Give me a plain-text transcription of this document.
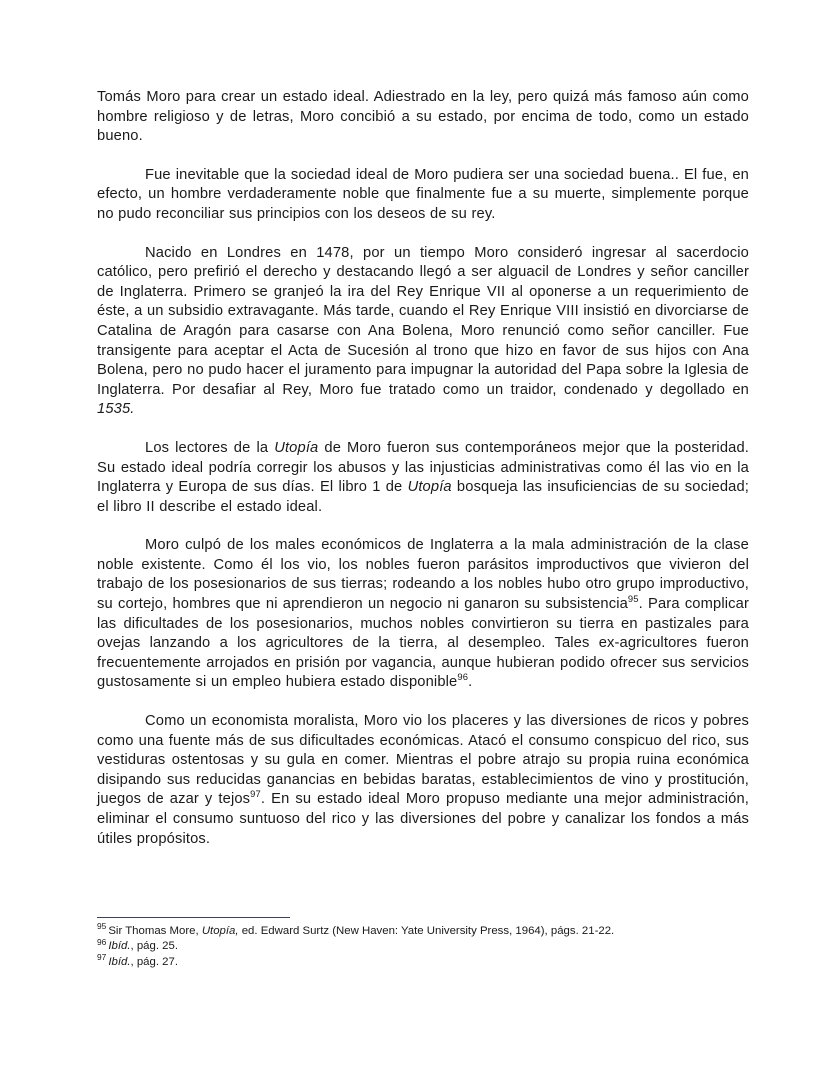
Tomás Moro para crear un estado ideal. Adiestrado en la ley, pero quizá más famoso aún como hombre religioso y de letras, Moro concibió a su estado, por encima de todo, como un estado bueno.

Fue inevitable que la sociedad ideal de Moro pudiera ser una sociedad buena.. El fue, en efecto, un hombre verdaderamente noble que finalmente fue a su muerte, simplemente porque no pudo reconciliar sus principios con los deseos de su rey.

Nacido en Londres en 1478, por un tiempo Moro consideró ingresar al sacerdocio católico, pero prefirió el derecho y destacando llegó a ser alguacil de Londres y señor canciller de Inglaterra. Primero se granjeó la ira del Rey Enrique VII al oponerse a un requerimiento de éste, a un subsidio extravagante. Más tarde, cuando el Rey Enrique VIII insistió en divorciarse de Catalina de Aragón para casarse con Ana Bolena, Moro renunció como señor canciller. Fue transigente para aceptar el Acta de Sucesión al trono que hizo en favor de sus hijos con Ana Bolena, pero no pudo hacer el juramento para impugnar la autoridad del Papa sobre la Iglesia de Inglaterra. Por desafiar al Rey, Moro fue tratado como un traidor, condenado y degollado en 1535.

Los lectores de la Utopía de Moro fueron sus contemporáneos mejor que la posteridad. Su estado ideal podría corregir los abusos y las injusticias administrativas como él las vio en la Inglaterra y Europa de sus días. El libro 1 de Utopía bosqueja las insuficiencias de su sociedad; el libro II describe el estado ideal.

Moro culpó de los males económicos de Inglaterra a la mala administración de la clase noble existente. Como él los vio, los nobles fueron parásitos improductivos que vivieron del trabajo de los posesionarios de sus tierras; rodeando a los nobles hubo otro grupo improductivo, su cortejo, hombres que ni aprendieron un negocio ni ganaron su subsistencia$^{95}$. Para complicar las dificultades de los posesionarios, muchos nobles convirtieron su tierra en pastizales para ovejas lanzando a los agricultores de la tierra, al desempleo. Tales ex-agricultores fueron frecuentemente arrojados en prisión por vagancia, aunque hubieran podido ofrecer sus servicios gustosamente si un empleo hubiera estado disponible$^{96}$.

Como un economista moralista, Moro vio los placeres y las diversiones de ricos y pobres como una fuente más de sus dificultades económicas. Atacó el consumo conspicuo del rico, sus vestiduras ostentosas y su gula en comer. Mientras el pobre atrajo su propia ruina económica disipando sus reducidas ganancias en bebidas baratas, establecimientos de vino y prostitución, juegos de azar y tejos$^{97}$. En su estado ideal Moro propuso mediante una mejor administración, eliminar el consumo suntuoso del rico y las diversiones del pobre y canalizar los fondos a más útiles propósitos.

$^{95}$ Sir Thomas More, Utopía, ed. Edward Surtz (New Haven: Yate University Press, 1964), págs. 21-22.

$^{96}$ Ibíd., pág. 25.

$^{97}$ Ibíd., pág. 27.
